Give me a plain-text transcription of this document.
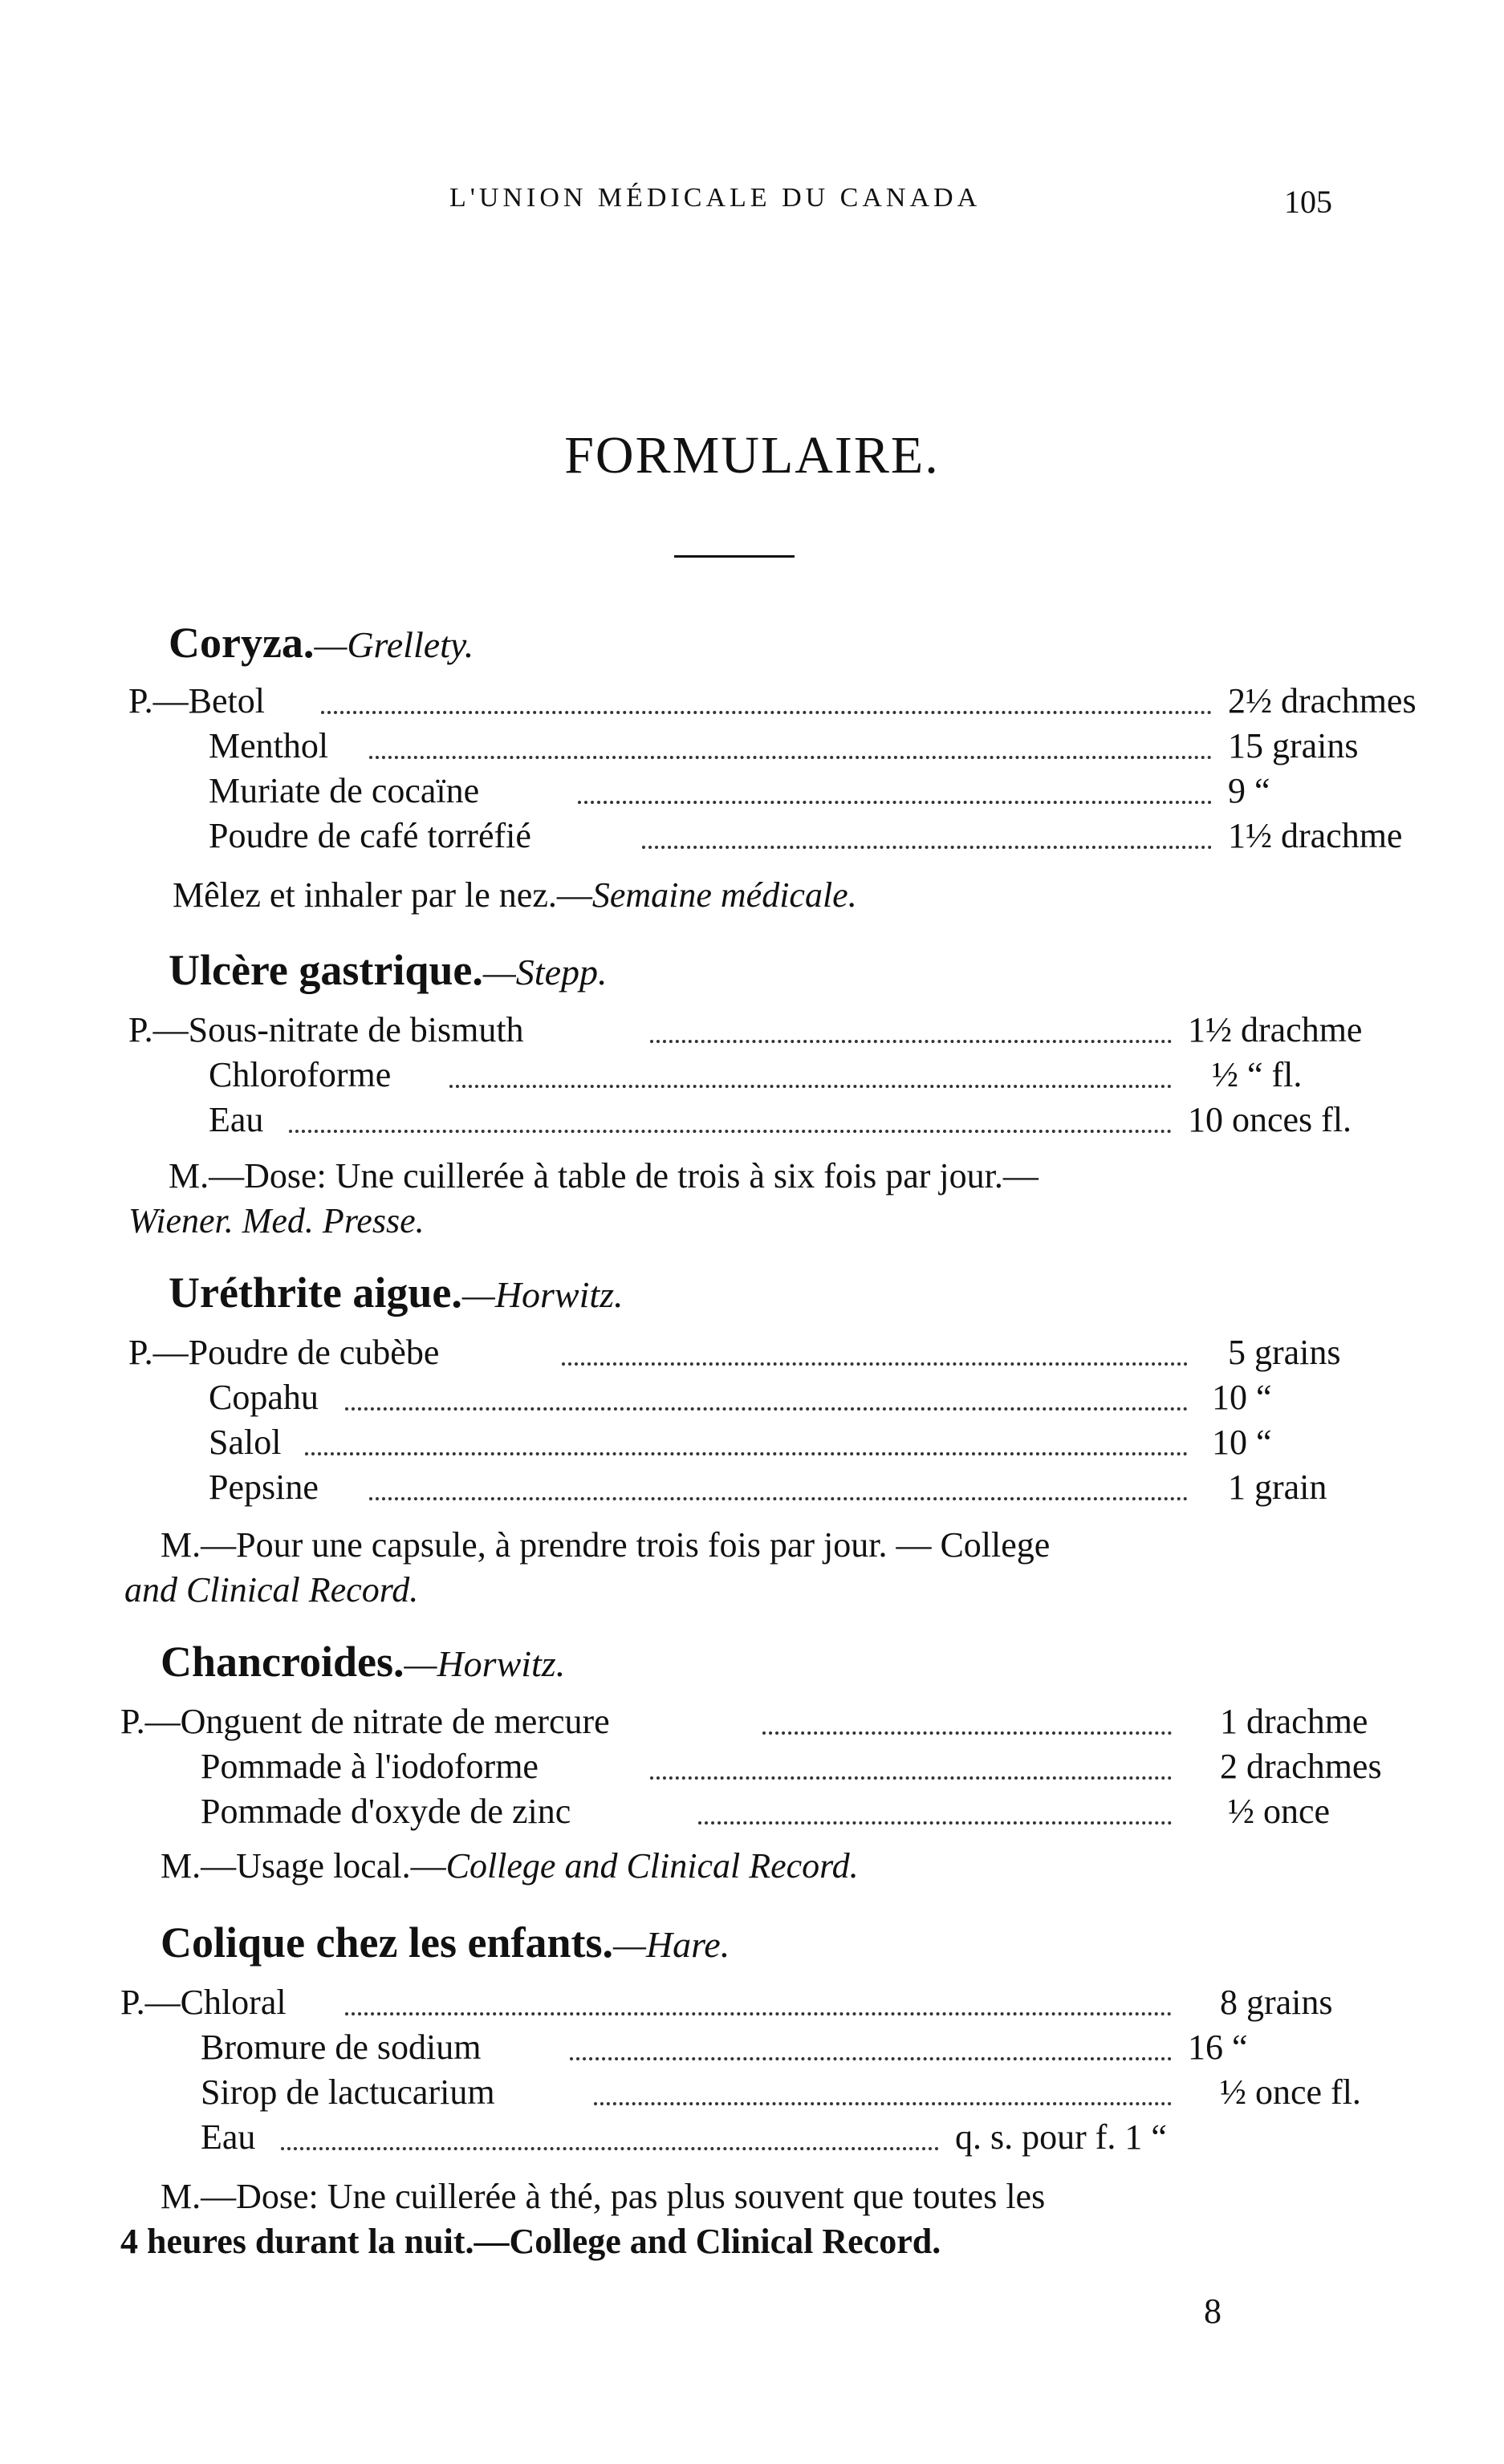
L'UNION MÉDICALE DU CANADA	105
FORMULAIRE.
Coryza.—Grellety.
P.—Betol	2½ drachmes
Menthol	15 grains
Muriate de cocaïne	9 “
Poudre de café torréfié	1½ drachme
Mêlez et inhaler par le nez.—Semaine médicale.
Ulcère gastrique.—Stepp.
P.—Sous-nitrate de bismuth	1½ drachme
Chloroforme	½ “ fl.
Eau	10 onces fl.
M.—Dose: Une cuillerée à table de trois à six fois par jour.—
Wiener. Med. Presse.
Uréthrite aigue.—Horwitz.
P.—Poudre de cubèbe	5 grains
Copahu	10 “
Salol	10 “
Pepsine	1 grain
M.—Pour une capsule, à prendre trois fois par jour. — College
and Clinical Record.
Chancroides.—Horwitz.
P.—Onguent de nitrate de mercure	1 drachme
Pommade à l'iodoforme	2 drachmes
Pommade d'oxyde de zinc	½ once
M.—Usage local.—College and Clinical Record.
Colique chez les enfants.—Hare.
P.—Chloral	8 grains
Bromure de sodium	16 “
Sirop de lactucarium	½ once fl.
Eau	q. s. pour f. 1 “
M.—Dose: Une cuillerée à thé, pas plus souvent que toutes les
4 heures durant la nuit.—College and Clinical Record.
8
